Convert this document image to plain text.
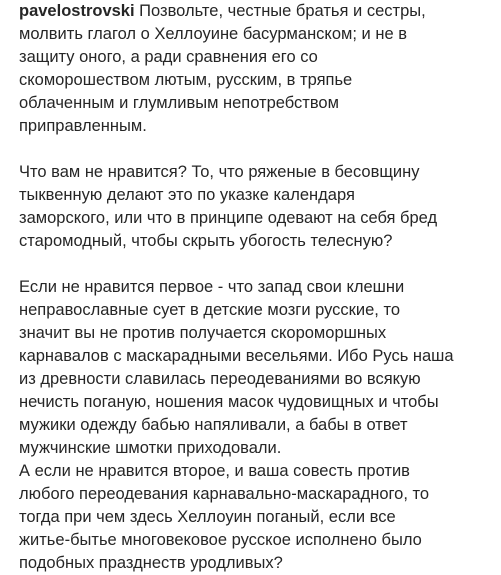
pavelostrovski Позвольте, честные братья и сестры,
молвить глагол о Хеллоуине басурманском; и не в
защиту оного, а ради сравнения его со
скоморошеством лютым, русским, в тряпье
облаченным и глумливым непотребством
приправленным.
Что вам не нравится? То, что ряженые в бесовщину
тыквенную делают это по указке календаря
заморского, или что в принципе одевают на себя бред
старомодный, чтобы скрыть убогость телесную?
Если не нравится первое - что запад свои клешни
неправославные сует в детские мозги русские, то
значит вы не против получается скороморшных
карнавалов с маскарадными весельями. Ибо Русь наша
из древности славилась переодеваниями во всякую
нечисть поганую, ношения масок чудовищных и чтобы
мужики одежду бабью напяливали, а бабы в ответ
мужчинские шмотки приходовали.
А если не нравится второе, и ваша совесть против
любого переодевания карнавально-маскарадного, то
тогда при чем здесь Хеллоуин поганый, если все
житье-бытье многовековое русское исполнено было
подобных празднеств уродливых?
